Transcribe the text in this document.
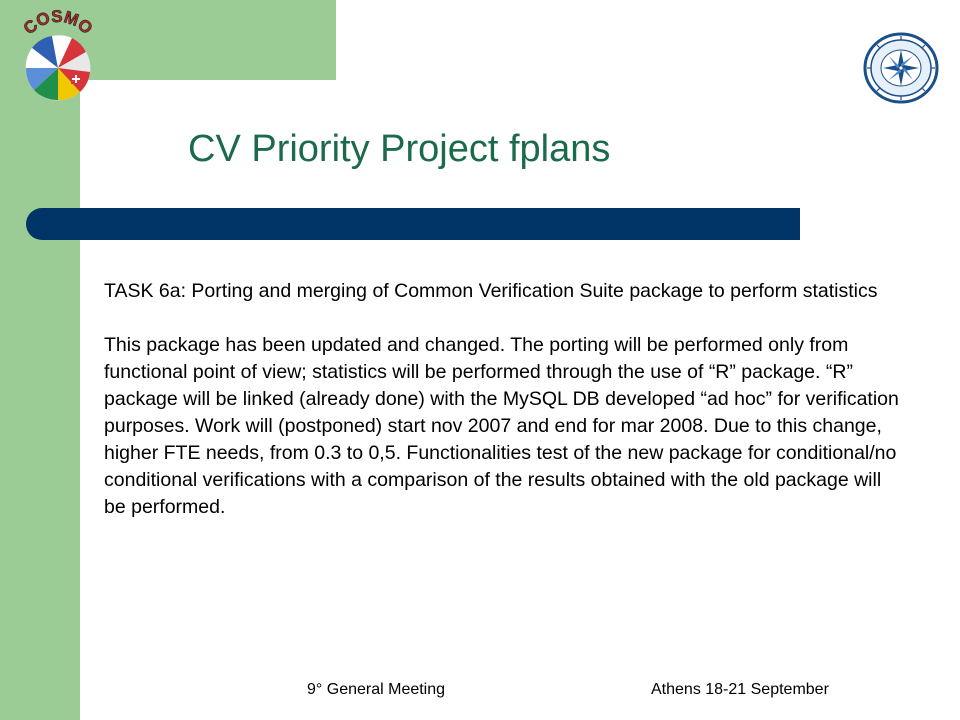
COSMO
CV Priority Project fplans

TASK 6a: Porting and merging of Common Verification Suite package to perform statistics

This package has been updated and changed. The porting will be performed only from functional point of view; statistics will be performed through the use of “R” package. “R” package will be linked (already done) with the MySQL DB developed “ad hoc” for verification purposes. Work will (postponed) start nov 2007 and end for mar 2008. Due to this change, higher FTE needs, from 0.3 to 0,5. Functionalities test of the new package for conditional/no conditional verifications with a comparison of the results obtained with the old package will be performed.

9° General Meeting	Athens 18-21 September
